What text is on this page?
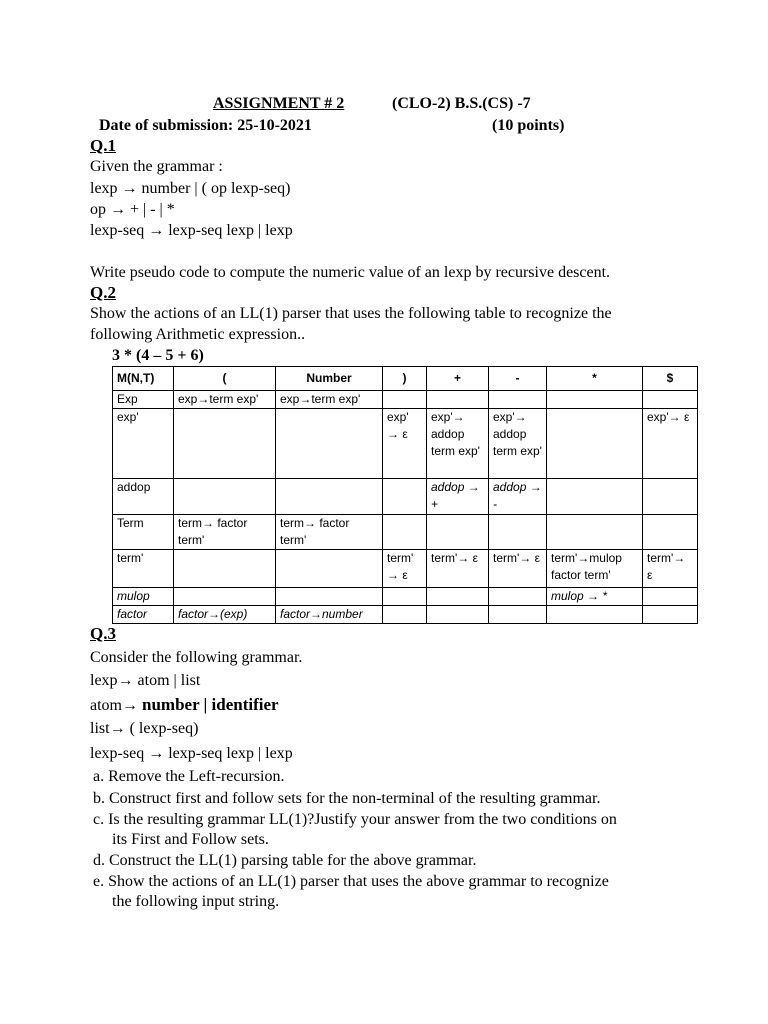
ASSIGNMENT # 2	(CLO-2) B.S.(CS) -7
Date of submission: 25-10-2021	(10 points)
Q.1
Given the grammar :
lexp → number | ( op lexp-seq)
op → + | - | *
lexp-seq → lexp-seq lexp | lexp
Write pseudo code to compute the numeric value of an lexp by recursive descent.
Q.2
Show the actions of an LL(1) parser that uses the following table to recognize the
following Arithmetic expression..
3 * (4 – 5 + 6)
M(N,T)	(	Number	)	+	-	*	$
Exp	exp→term exp'	exp→term exp'					
exp'			exp' → ε	exp'→ addop term exp'	exp'→ addop term exp'		exp'→ ε
addop				addop → +	addop → -		
Term	term→ factor term'	term→ factor term'					
term'			term' → ε	term'→ ε	term'→ ε	term'→mulop factor term'	term'→ ε
mulop						mulop → *	
factor	factor→(exp)	factor→number					
Q.3
Consider the following grammar.
lexp→ atom | list
atom→ number | identifier
list→ ( lexp-seq)
lexp-seq → lexp-seq lexp | lexp
a. Remove the Left-recursion.
b. Construct first and follow sets for the non-terminal of the resulting grammar.
c. Is the resulting grammar LL(1)?Justify your answer from the two conditions on
its First and Follow sets.
d. Construct the LL(1) parsing table for the above grammar.
e. Show the actions of an LL(1) parser that uses the above grammar to recognize
the following input string.
